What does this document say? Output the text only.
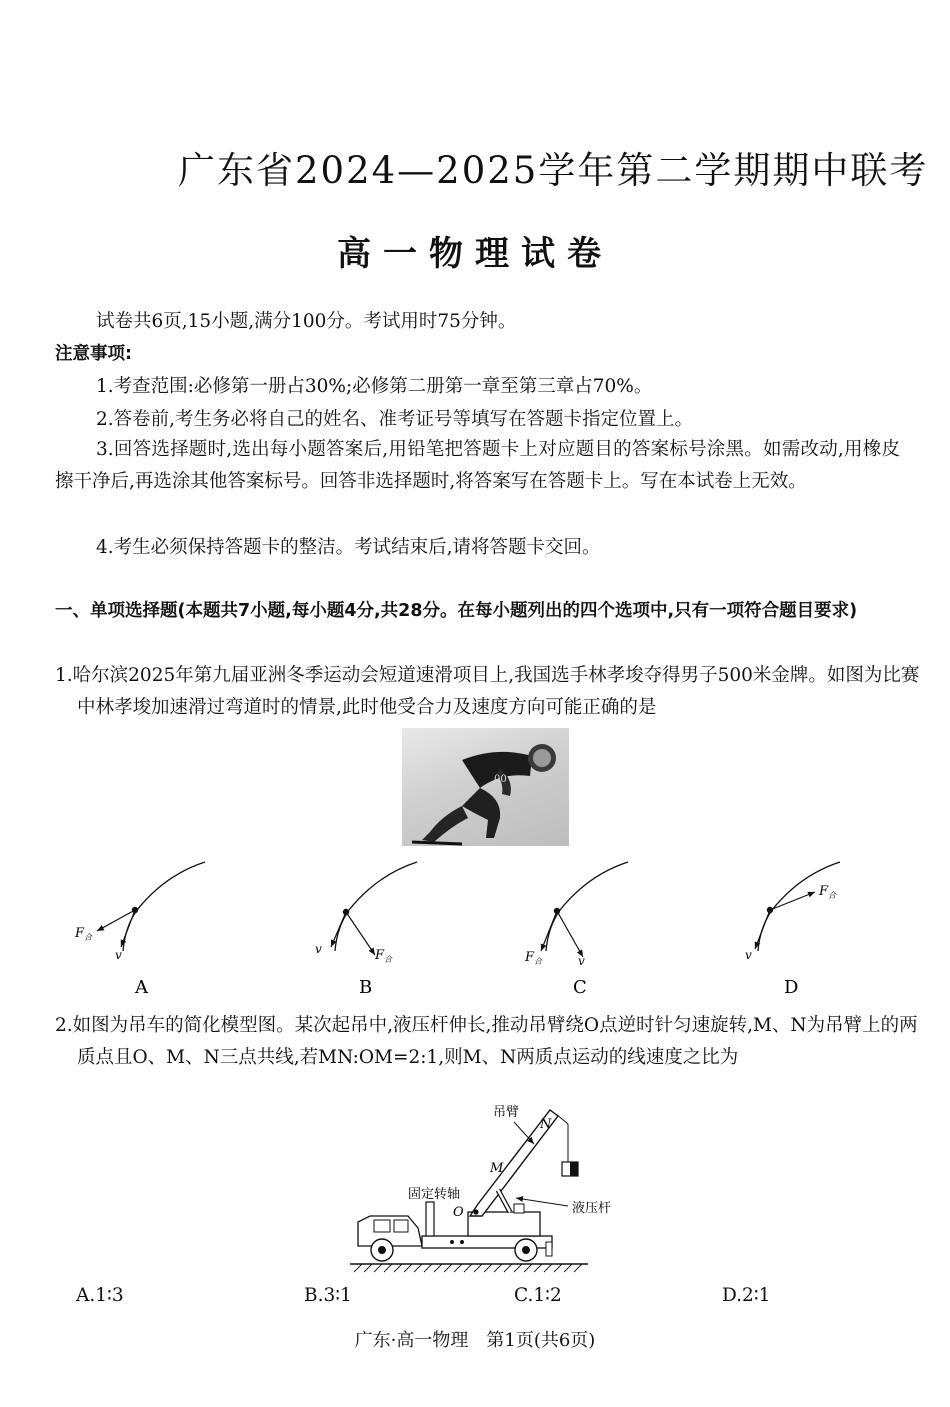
广东省2024—2025学年第二学期期中联考
高一物理试卷
试卷共6页,15小题,满分100分。考试用时75分钟。
注意事项:
1.考查范围:必修第一册占30%;必修第二册第一章至第三章占70%。
2.答卷前,考生务必将自己的姓名、准考证号等填写在答题卡指定位置上。
3.回答选择题时,选出每小题答案后,用铅笔把答题卡上对应题目的答案标号涂黑。如需改动,用橡皮擦干净后,再选涂其他答案标号。回答非选择题时,将答案写在答题卡上。写在本试卷上无效。
4.考生必须保持答题卡的整洁。考试结束后,请将答题卡交回。
一、单项选择题(本题共7小题,每小题4分,共28分。在每小题列出的四个选项中,只有一项符合题目要求)
1.哈尔滨2025年第九届亚洲冬季运动会短道速滑项目上,我国选手林孝埈夺得男子500米金牌。如图为比赛中林孝埈加速滑过弯道时的情景,此时他受合力及速度方向可能正确的是
00
$F_合$
v	$F_合$
v
$F_合$	v
$F_合$
v
A	B	C	D
2.如图为吊车的简化模型图。某次起吊中,液压杆伸长,推动吊臂绕O点逆时针匀速旋转,M、N为吊臂上的两质点且O、M、N三点共线,若MN:OM=2:1,则M、N两质点运动的线速度之比为
吊臂
N
M
固定转轴
O	液压杆
A.1∶3	B.3∶1	C.1∶2	D.2∶1
广东·高一物理　第1页(共6页)
